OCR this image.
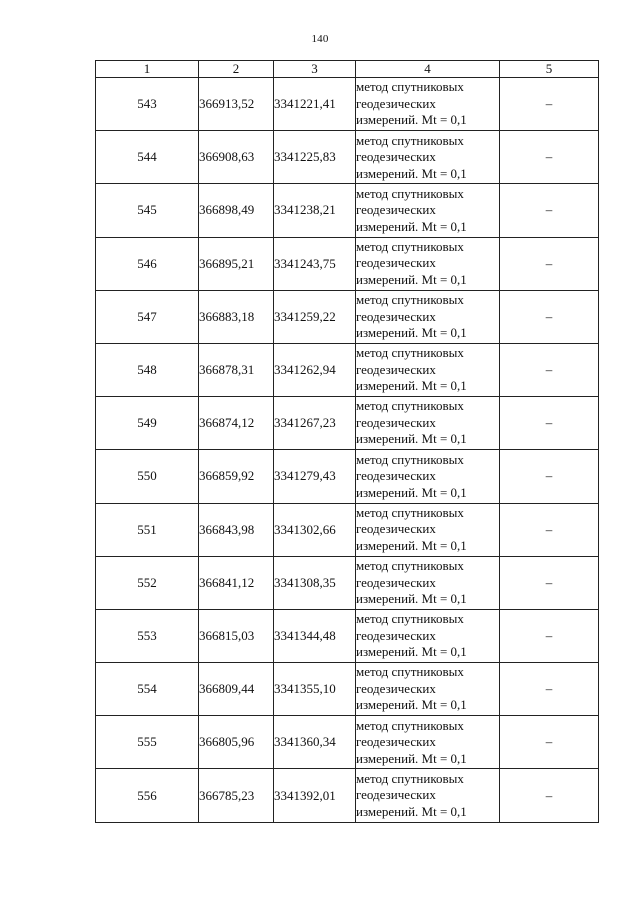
140
1	2	3	4	5
543	366913,52	3341221,41	метод спутниковых
геодезических
измерений. Mt = 0,1	–
544	366908,63	3341225,83	метод спутниковых
геодезических
измерений. Mt = 0,1	–
545	366898,49	3341238,21	метод спутниковых
геодезических
измерений. Mt = 0,1	–
546	366895,21	3341243,75	метод спутниковых
геодезических
измерений. Mt = 0,1	–
547	366883,18	3341259,22	метод спутниковых
геодезических
измерений. Mt = 0,1	–
548	366878,31	3341262,94	метод спутниковых
геодезических
измерений. Mt = 0,1	–
549	366874,12	3341267,23	метод спутниковых
геодезических
измерений. Mt = 0,1	–
550	366859,92	3341279,43	метод спутниковых
геодезических
измерений. Mt = 0,1	–
551	366843,98	3341302,66	метод спутниковых
геодезических
измерений. Mt = 0,1	–
552	366841,12	3341308,35	метод спутниковых
геодезических
измерений. Mt = 0,1	–
553	366815,03	3341344,48	метод спутниковых
геодезических
измерений. Mt = 0,1	–
554	366809,44	3341355,10	метод спутниковых
геодезических
измерений. Mt = 0,1	–
555	366805,96	3341360,34	метод спутниковых
геодезических
измерений. Mt = 0,1	–
556	366785,23	3341392,01	метод спутниковых
геодезических
измерений. Mt = 0,1	–
